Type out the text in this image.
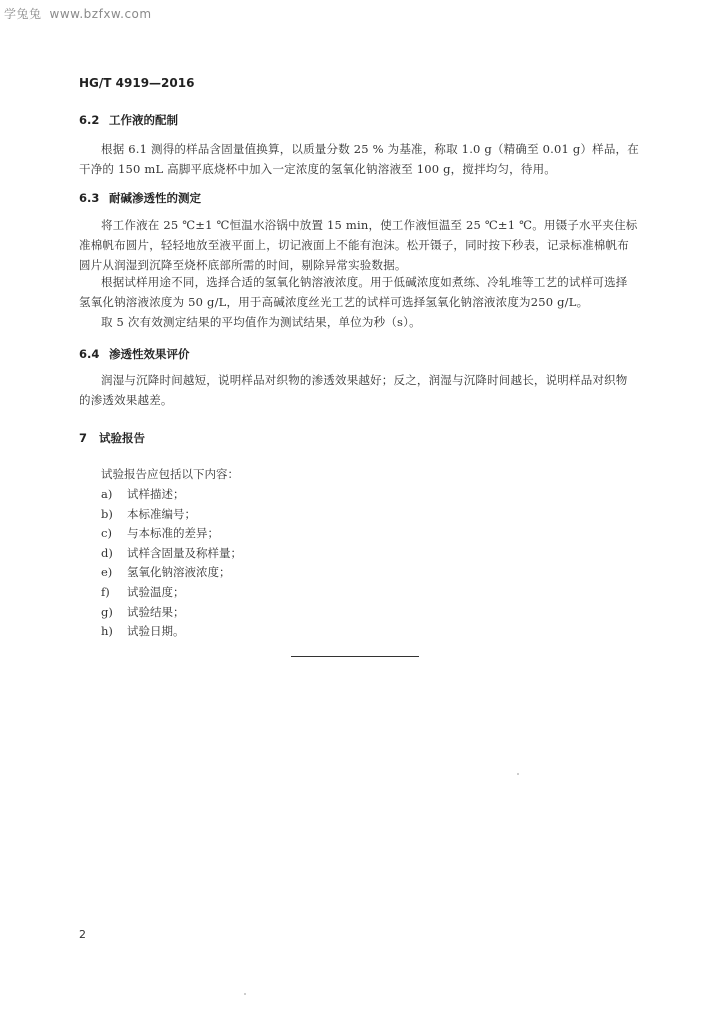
学兔兔 www.bzfxw.com
HG/T 4919—2016
6.2 工作液的配制
根据 6.1 测得的样品含固量值换算，以质量分数 25 % 为基准，称取 1.0 g（精确至 0.01 g）样品，在干净的 150 mL 高脚平底烧杯中加入一定浓度的氢氧化钠溶液至 100 g，搅拌均匀，待用。
6.3 耐碱渗透性的测定
将工作液在 25 ℃±1 ℃恒温水浴锅中放置 15 min，使工作液恒温至 25 ℃±1 ℃。用镊子水平夹住标准棉帆布圆片，轻轻地放至液平面上，切记液面上不能有泡沫。松开镊子，同时按下秒表，记录标准棉帆布圆片从润湿到沉降至烧杯底部所需的时间，剔除异常实验数据。
根据试样用途不同，选择合适的氢氧化钠溶液浓度。用于低碱浓度如煮练、冷轧堆等工艺的试样可选择氢氧化钠溶液浓度为 50 g/L，用于高碱浓度丝光工艺的试样可选择氢氧化钠溶液浓度为250 g/L。
取 5 次有效测定结果的平均值作为测试结果，单位为秒（s）。
6.4 渗透性效果评价
润湿与沉降时间越短，说明样品对织物的渗透效果越好；反之，润湿与沉降时间越长，说明样品对织物的渗透效果越差。
7 试验报告
试验报告应包括以下内容：
a) 试样描述；
b) 本标准编号；
c) 与本标准的差异；
d) 试样含固量及称样量；
e) 氢氧化钠溶液浓度；
f) 试验温度；
g) 试验结果；
h) 试验日期。
2
